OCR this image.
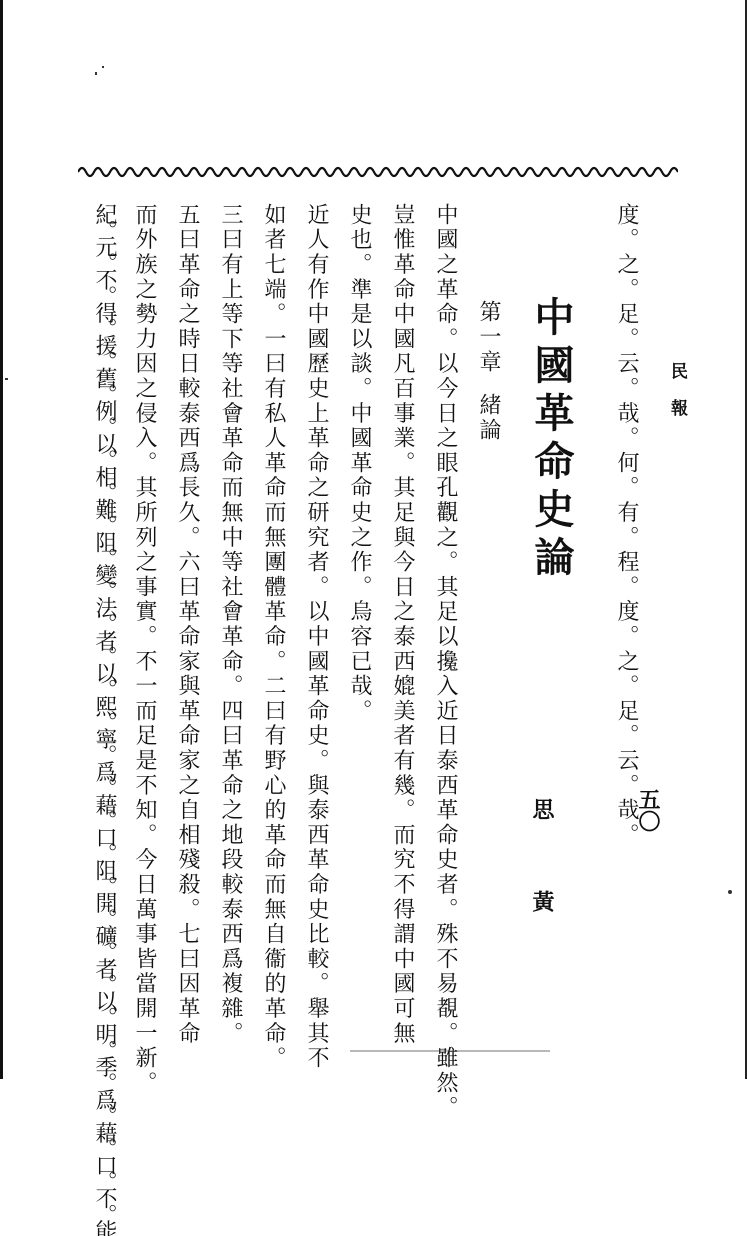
民報
五〇
度。之。足。云。哉。何。有。程。度。之。足。云。哉。
中國革命史論
思黃
第一章緒論
中國之革命。以今日之眼孔觀之。其足以攙入近日泰西革命史者。殊不易覩。雖然。
豈惟革命中國凡百事業。其足與今日之泰西媲美者有幾。而究不得謂中國可無
史也。準是以談。中國革命史之作。烏容已哉。
近人有作中國歷史上革命之研究者。以中國革命史。與泰西革命史比較。舉其不
如者七端。一曰有私人革命而無團體革命。二曰有野心的革命而無自衞的革命。
三曰有上等下等社會革命而無中等社會革命。四曰革命之地段較泰西爲複雜。
五曰革命之時日較泰西爲長久。六曰革命家與革命家之自相殘殺。七曰因革命
而外族之勢力因之侵入。其所列之事實。不一而足是不知。今日萬事皆當開一新。
紀。元。不。得。援。舊。例。以。相。難。阻。變。法。者。以。熙。寧。爲。藉。口。阻。開。礦。者。以。明。季。爲。藉。口。不。能
